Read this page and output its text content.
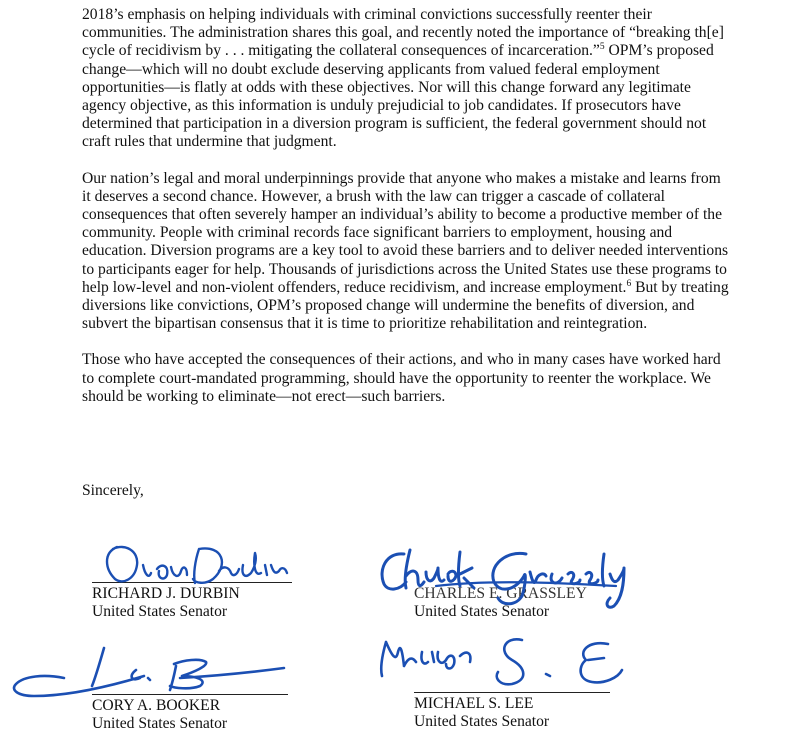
2018’s emphasis on helping individuals with criminal convictions successfully reenter their communities. The administration shares this goal, and recently noted the importance of “breaking th[e] cycle of recidivism by . . . mitigating the collateral consequences of incarceration.”$^5$ OPM’s proposed change—which will no doubt exclude deserving applicants from valued federal employment opportunities—is flatly at odds with these objectives. Nor will this change forward any legitimate agency objective, as this information is unduly prejudicial to job candidates. If prosecutors have determined that participation in a diversion program is sufficient, the federal government should not craft rules that undermine that judgment.

Our nation’s legal and moral underpinnings provide that anyone who makes a mistake and learns from it deserves a second chance. However, a brush with the law can trigger a cascade of collateral consequences that often severely hamper an individual’s ability to become a productive member of the community. People with criminal records face significant barriers to employment, housing and education. Diversion programs are a key tool to avoid these barriers and to deliver needed interventions to participants eager for help. Thousands of jurisdictions across the United States use these programs to help low-level and non-violent offenders, reduce recidivism, and increase employment.$^6$ But by treating diversions like convictions, OPM’s proposed change will undermine the benefits of diversion, and subvert the bipartisan consensus that it is time to prioritize rehabilitation and reintegration.

Those who have accepted the consequences of their actions, and who in many cases have worked hard to complete court-mandated programming, should have the opportunity to reenter the workplace. We should be working to eliminate—not erect—such barriers.

Sincerely,
RICHARD J. DURBIN
United States Senator
CHARLES E. GRASSLEY
United States Senator
CORY A. BOOKER
United States Senator
MICHAEL S. LEE
United States Senator
